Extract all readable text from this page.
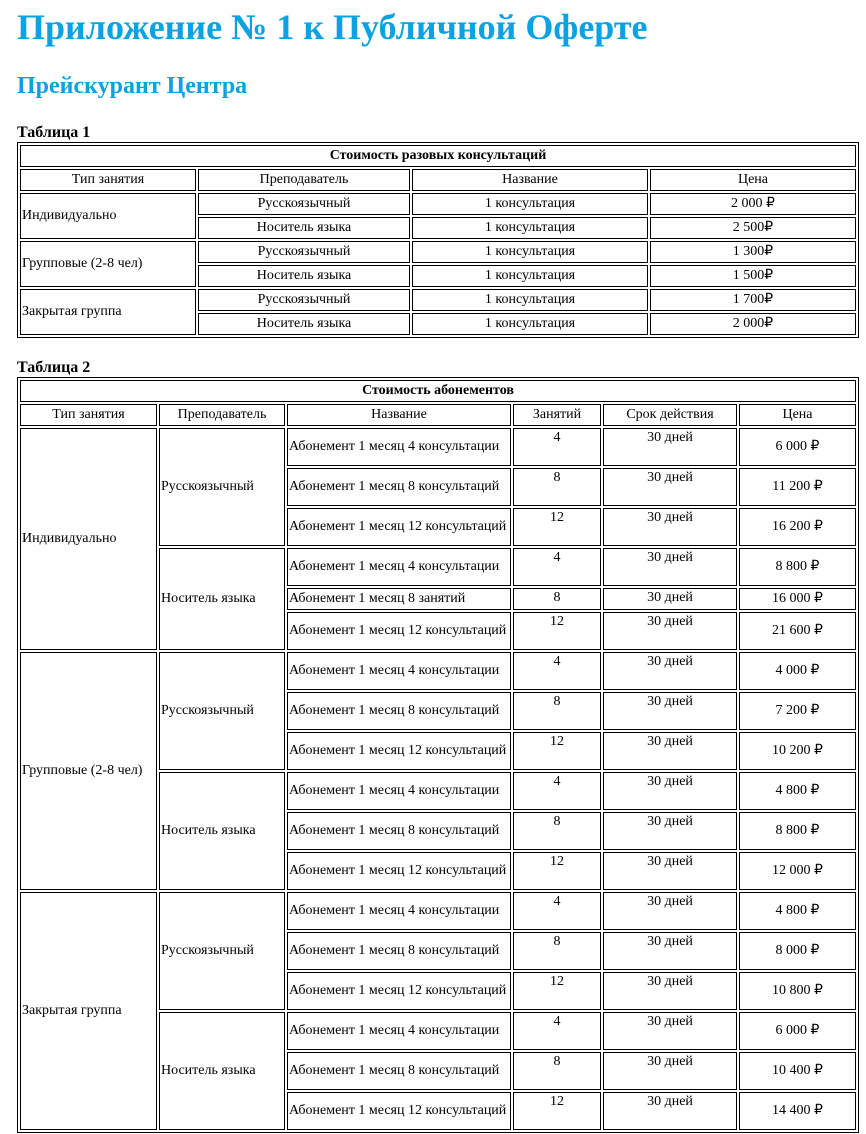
Приложение № 1 к Публичной Оферте
Прейскурант Центра

Таблица 1

Стоимость разовых консультаций			
Тип занятия	Преподаватель	Название	Цена
Индивидуально	Русскоязычный	1 консультация	2 000 ₽
	Носитель языка	1 консультация	2 500₽
Групповые (2-8 чел)	Русскоязычный	1 консультация	1 300₽
	Носитель языка	1 консультация	1 500₽
Закрытая группа	Русскоязычный	1 консультация	1 700₽
	Носитель языка	1 консультация	2 000₽

Таблица 2

Стоимость абонементов					
Тип занятия	Преподаватель	Название	Занятий	Срок действия	Цена
Индивидуально	Русскоязычный	Абонемент 1 месяц 4 консультации	4	30 дней	6 000 ₽
		Абонемент 1 месяц 8 консультаций	8	30 дней	11 200 ₽
		Абонемент 1 месяц 12 консультаций	12	30 дней	16 200 ₽
	Носитель языка	Абонемент 1 месяц 4 консультации	4	30 дней	8 800 ₽
		Абонемент 1 месяц 8 занятий	8	30 дней	16 000 ₽
		Абонемент 1 месяц 12 консультаций	12	30 дней	21 600 ₽
Групповые (2-8 чел)	Русскоязычный	Абонемент 1 месяц 4 консультации	4	30 дней	4 000 ₽
		Абонемент 1 месяц 8 консультаций	8	30 дней	7 200 ₽
		Абонемент 1 месяц 12 консультаций	12	30 дней	10 200 ₽
	Носитель языка	Абонемент 1 месяц 4 консультации	4	30 дней	4 800 ₽
		Абонемент 1 месяц 8 консультаций	8	30 дней	8 800 ₽
		Абонемент 1 месяц 12 консультаций	12	30 дней	12 000 ₽
Закрытая группа	Русскоязычный	Абонемент 1 месяц 4 консультации	4	30 дней	4 800 ₽
		Абонемент 1 месяц 8 консультаций	8	30 дней	8 000 ₽
		Абонемент 1 месяц 12 консультаций	12	30 дней	10 800 ₽
	Носитель языка	Абонемент 1 месяц 4 консультации	4	30 дней	6 000 ₽
		Абонемент 1 месяц 8 консультаций	8	30 дней	10 400 ₽
		Абонемент 1 месяц 12 консультаций	12	30 дней	14 400 ₽
